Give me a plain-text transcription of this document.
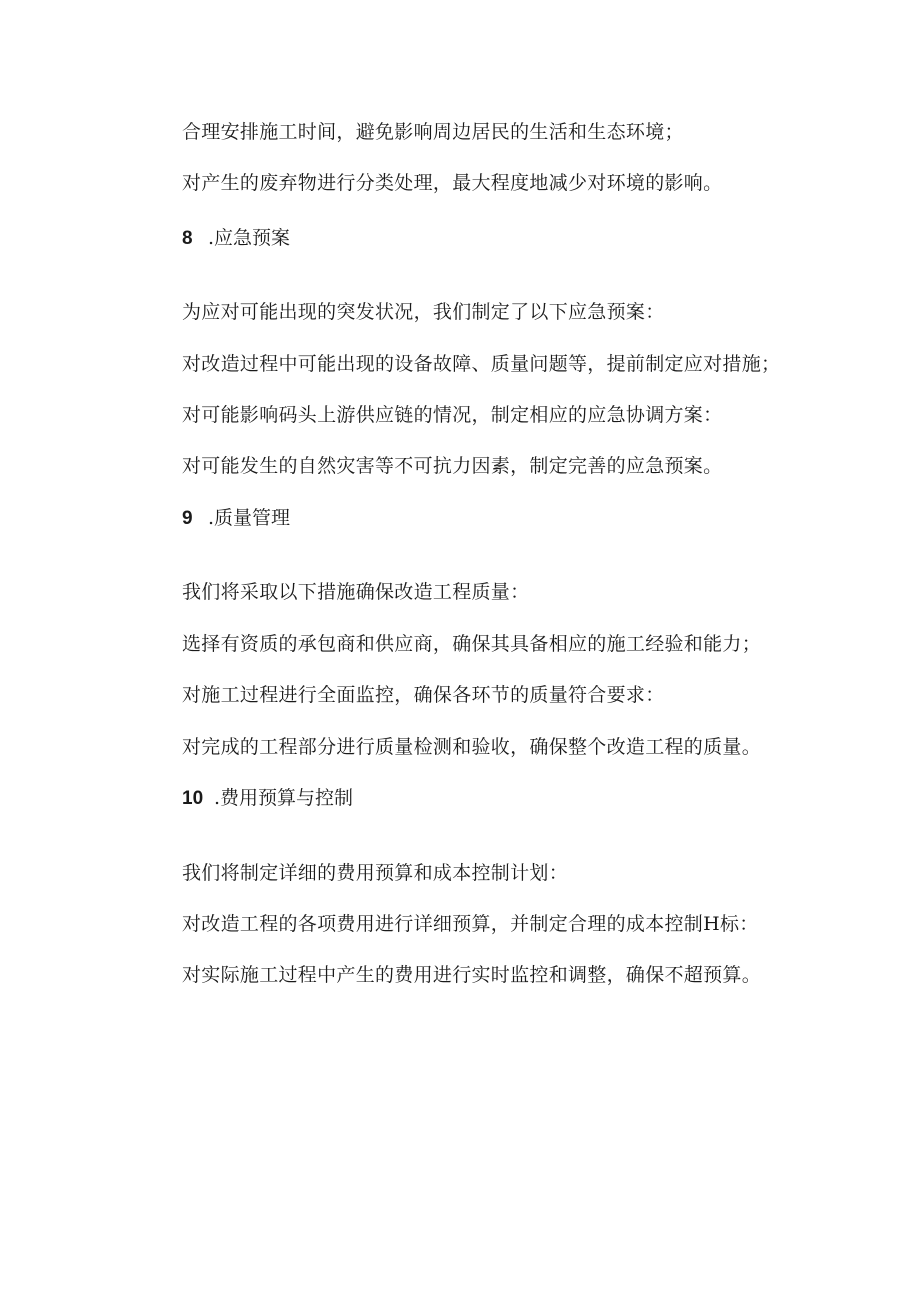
合理安排施工时间，避免影响周边居民的生活和生态环境；
对产生的废弃物进行分类处理，最大程度地减少对环境的影响。
8 .应急预案
为应对可能出现的突发状况，我们制定了以下应急预案：
对改造过程中可能出现的设备故障、质量问题等，提前制定应对措施；
对可能影响码头上游供应链的情况，制定相应的应急协调方案：
对可能发生的自然灾害等不可抗力因素，制定完善的应急预案。
9 .质量管理
我们将采取以下措施确保改造工程质量：
选择有资质的承包商和供应商，确保其具备相应的施工经验和能力；
对施工过程进行全面监控，确保各环节的质量符合要求：
对完成的工程部分进行质量检测和验收，确保整个改造工程的质量。
10 .费用预算与控制
我们将制定详细的费用预算和成本控制计划：
对改造工程的各项费用进行详细预算，并制定合理的成本控制H标：
对实际施工过程中产生的费用进行实时监控和调整，确保不超预算。
